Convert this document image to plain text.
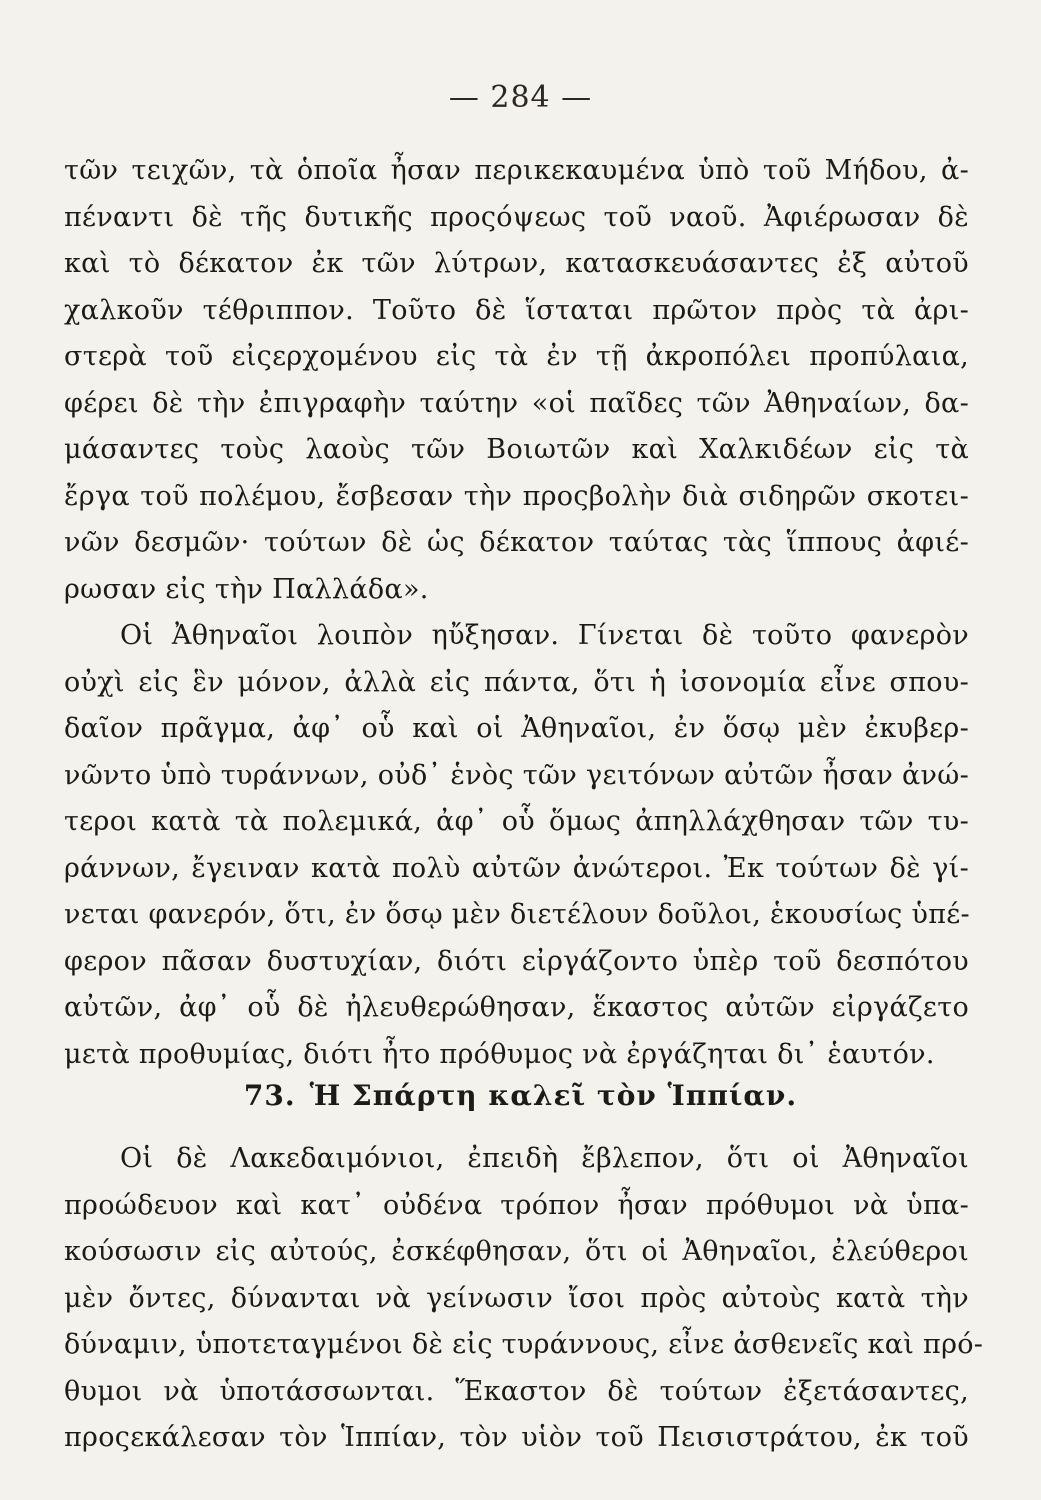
— 284 —
τῶν τειχῶν, τὰ ὁποῖα ἦσαν περικεκαυμένα ὑπὸ τοῦ Μήδου, ἀ-
πέναντι δὲ τῆς δυτικῆς προςόψεως τοῦ ναοῦ. Ἀφιέρωσαν δὲ
καὶ τὸ δέκατον ἐκ τῶν λύτρων, κατασκευάσαντες ἐξ αὐτοῦ
χαλκοῦν τέθριππον. Τοῦτο δὲ ἵσταται πρῶτον πρὸς τὰ ἀρι-
στερὰ τοῦ εἰςερχομένου εἰς τὰ ἐν τῇ ἀκροπόλει προπύλαια,
φέρει δὲ τὴν ἐπιγραφὴν ταύτην «οἱ παῖδες τῶν Ἀθηναίων, δα-
μάσαντες τοὺς λαοὺς τῶν Βοιωτῶν καὶ Χαλκιδέων εἰς τὰ
ἔργα τοῦ πολέμου, ἔσβεσαν τὴν προςβολὴν διὰ σιδηρῶν σκοτει-
νῶν δεσμῶν· τούτων δὲ ὡς δέκατον ταύτας τὰς ἵππους ἀφιέ-
ρωσαν εἰς τὴν Παλλάδα».
Οἱ Ἀθηναῖοι λοιπὸν ηὔξησαν. Γίνεται δὲ τοῦτο φανερὸν
οὐχὶ εἰς ἓν μόνον, ἀλλὰ εἰς πάντα, ὅτι ἡ ἰσονομία εἶνε σπου-
δαῖον πρᾶγμα, ἀφ᾽ οὗ καὶ οἱ Ἀθηναῖοι, ἐν ὅσῳ μὲν ἐκυβερ-
νῶντο ὑπὸ τυράννων, οὐδ᾽ ἑνὸς τῶν γειτόνων αὐτῶν ἦσαν ἀνώ-
τεροι κατὰ τὰ πολεμικά, ἀφ᾽ οὗ ὅμως ἀπηλλάχθησαν τῶν τυ-
ράννων, ἔγειναν κατὰ πολὺ αὐτῶν ἀνώτεροι. Ἐκ τούτων δὲ γί-
νεται φανερόν, ὅτι, ἐν ὅσῳ μὲν διετέλουν δοῦλοι, ἑκουσίως ὑπέ-
φερον πᾶσαν δυστυχίαν, διότι εἰργάζοντο ὑπὲρ τοῦ δεσπότου
αὐτῶν, ἀφ᾽ οὗ δὲ ἠλευθερώθησαν, ἕκαστος αὐτῶν εἰργάζετο
μετὰ προθυμίας, διότι ἦτο πρόθυμος νὰ ἐργάζηται δι᾽ ἑαυτόν.
73. Ἡ Σπάρτη καλεῖ τὸν Ἱππίαν.
Οἱ δὲ Λακεδαιμόνιοι, ἐπειδὴ ἔβλεπον, ὅτι οἱ Ἀθηναῖοι
προώδευον καὶ κατ᾽ οὐδένα τρόπον ἦσαν πρόθυμοι νὰ ὑπα-
κούσωσιν εἰς αὐτούς, ἐσκέφθησαν, ὅτι οἱ Ἀθηναῖοι, ἐλεύθεροι
μὲν ὄντες, δύνανται νὰ γείνωσιν ἴσοι πρὸς αὐτοὺς κατὰ τὴν
δύναμιν, ὑποτεταγμένοι δὲ εἰς τυράννους, εἶνε ἀσθενεῖς καὶ πρό-
θυμοι νὰ ὑποτάσσωνται. Ἕκαστον δὲ τούτων ἐξετάσαντες,
προςεκάλεσαν τὸν Ἱππίαν, τὸν υἱὸν τοῦ Πεισιστράτου, ἐκ τοῦ
